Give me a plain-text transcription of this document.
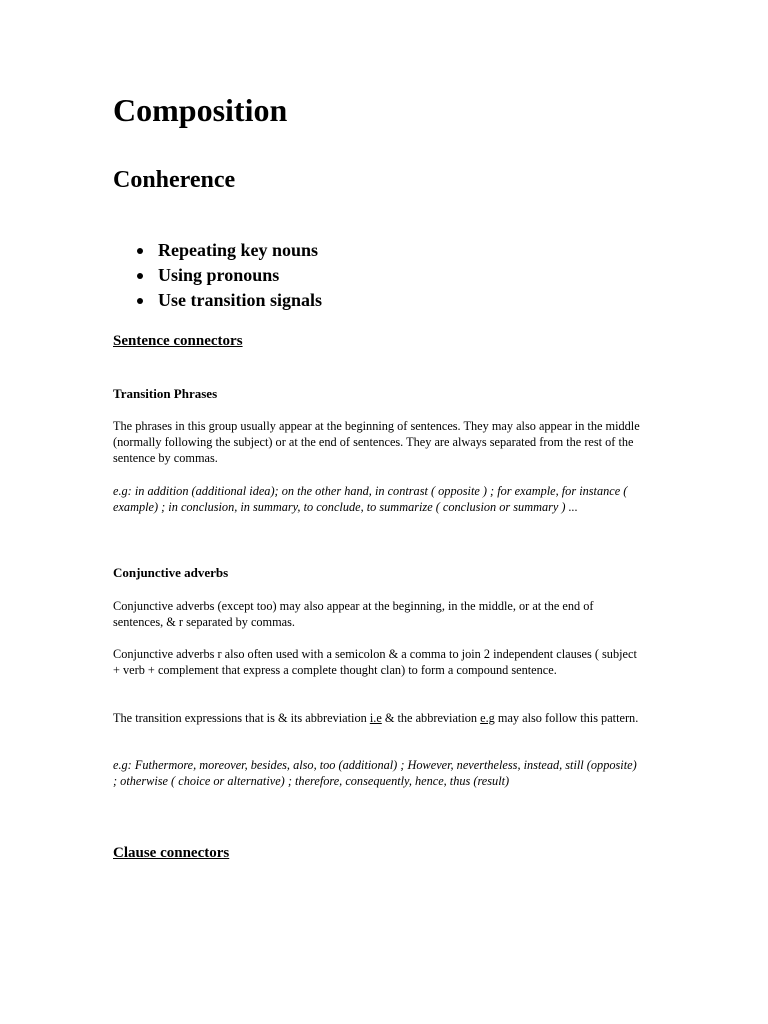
Composition
Conherence
Repeating key nouns
Using pronouns
Use transition signals
Sentence connectors
Transition Phrases

The phrases in this group usually appear at the beginning of sentences. They may also appear in the middle (normally following the subject) or at the end of sentences. They are always separated from the rest of the sentence by commas.

e.g: in addition (additional idea); on the other hand, in contrast ( opposite ) ; for example, for instance ( example) ; in conclusion, in summary, to conclude, to summarize ( conclusion or summary ) ...

Conjunctive adverbs

Conjunctive adverbs (except too) may also appear at the beginning, in the middle, or at the end of sentences, & r separated by commas.

Conjunctive adverbs r also often used with a semicolon & a comma to join 2 independent clauses ( subject + verb + complement that express a complete thought clan) to form a compound sentence.

The transition expressions that is & its abbreviation i.e & the abbreviation e.g may also follow this pattern.

e.g: Futhermore, moreover, besides, also, too (additional) ; However, nevertheless, instead, still (opposite) ; otherwise ( choice or alternative) ; therefore, consequently, hence, thus (result)

Clause connectors
